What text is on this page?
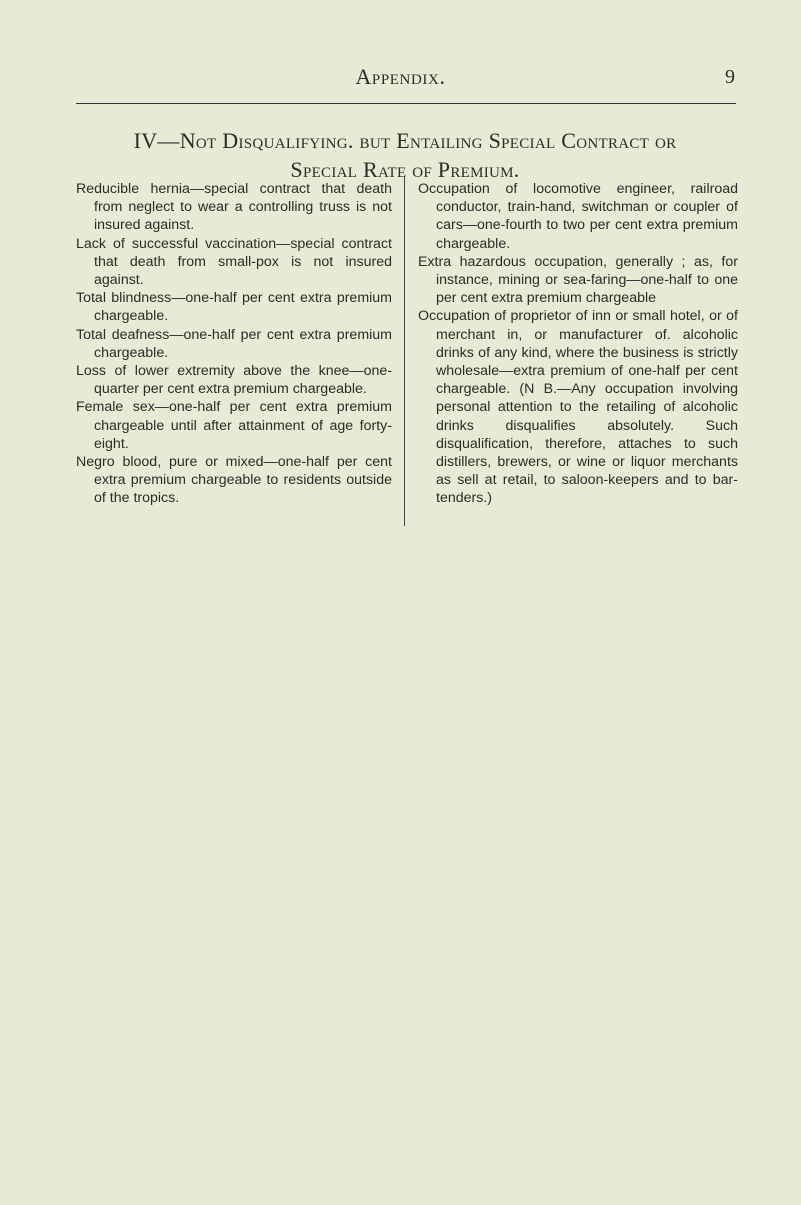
Appendix.	9
IV—Not Disqualifying. but Entailing Special Contract or
Special Rate of Premium.

Reducible hernia—special contract that death from neglect to wear a controlling truss is not insured against.

Lack of successful vaccination—special contract that death from small-pox is not insured against.

Total blindness—one-half per cent extra premium chargeable.

Total deafness—one-half per cent extra premium chargeable.

Loss of lower extremity above the knee—one-quarter per cent extra premium chargeable.

Female sex—one-half per cent extra premium chargeable until after attainment of age forty-eight.

Negro blood, pure or mixed—one-half per cent extra premium chargeable to residents outside of the tropics.

Occupation of locomotive engineer, railroad conductor, train-hand, switchman or coupler of cars—one-fourth to two per cent extra premium chargeable.

Extra hazardous occupation, generally ; as, for instance, mining or sea-faring—one-half to one per cent extra premium chargeable

Occupation of proprietor of inn or small hotel, or of merchant in, or manufacturer of. alcoholic drinks of any kind, where the business is strictly wholesale—extra premium of one-half per cent chargeable. (N B.—Any occupation involving personal attention to the retailing of alcoholic drinks disqualifies absolutely. Such disqualification, therefore, attaches to such distillers, brewers, or wine or liquor merchants as sell at retail, to saloon-keepers and to bar-tenders.)
